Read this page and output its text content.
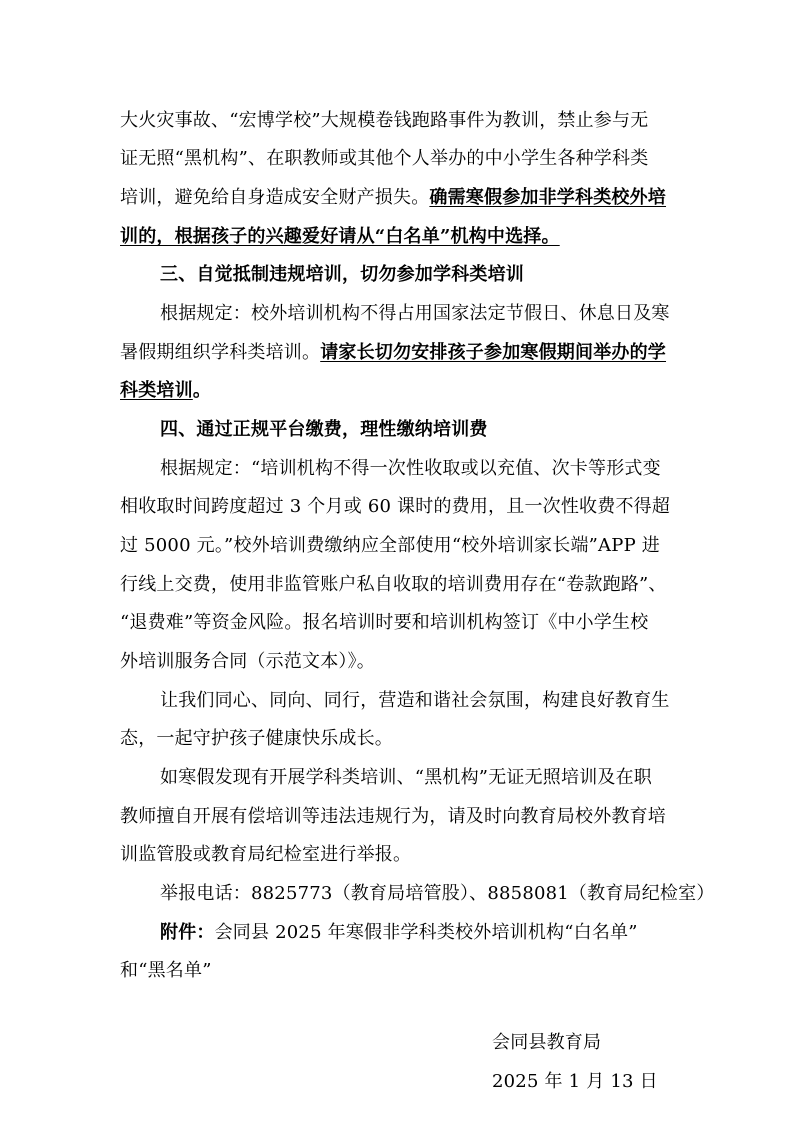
大火灾事故、“宏博学校”大规模卷钱跑路事件为教训，禁止参与无
证无照“黑机构”、在职教师或其他个人举办的中小学生各种学科类
培训，避免给自身造成安全财产损失。确需寒假参加非学科类校外培
训的，根据孩子的兴趣爱好请从“白名单”机构中选择。
三、自觉抵制违规培训，切勿参加学科类培训
根据规定：校外培训机构不得占用国家法定节假日、休息日及寒
暑假期组织学科类培训。请家长切勿安排孩子参加寒假期间举办的学
科类培训。
四、通过正规平台缴费，理性缴纳培训费
根据规定：“培训机构不得一次性收取或以充值、次卡等形式变
相收取时间跨度超过 3 个月或 60 课时的费用，且一次性收费不得超
过 5000 元。”校外培训费缴纳应全部使用“校外培训家长端”APP 进
行线上交费，使用非监管账户私自收取的培训费用存在“卷款跑路”、
“退费难”等资金风险。报名培训时要和培训机构签订《中小学生校
外培训服务合同（示范文本）》。
让我们同心、同向、同行，营造和谐社会氛围，构建良好教育生
态，一起守护孩子健康快乐成长。
如寒假发现有开展学科类培训、“黑机构”无证无照培训及在职
教师擅自开展有偿培训等违法违规行为，请及时向教育局校外教育培
训监管股或教育局纪检室进行举报。
举报电话：8825773（教育局培管股）、8858081（教育局纪检室）
附件：会同县 2025 年寒假非学科类校外培训机构“白名单”
和“黑名单”
会同县教育局
2025 年 1 月 13 日
